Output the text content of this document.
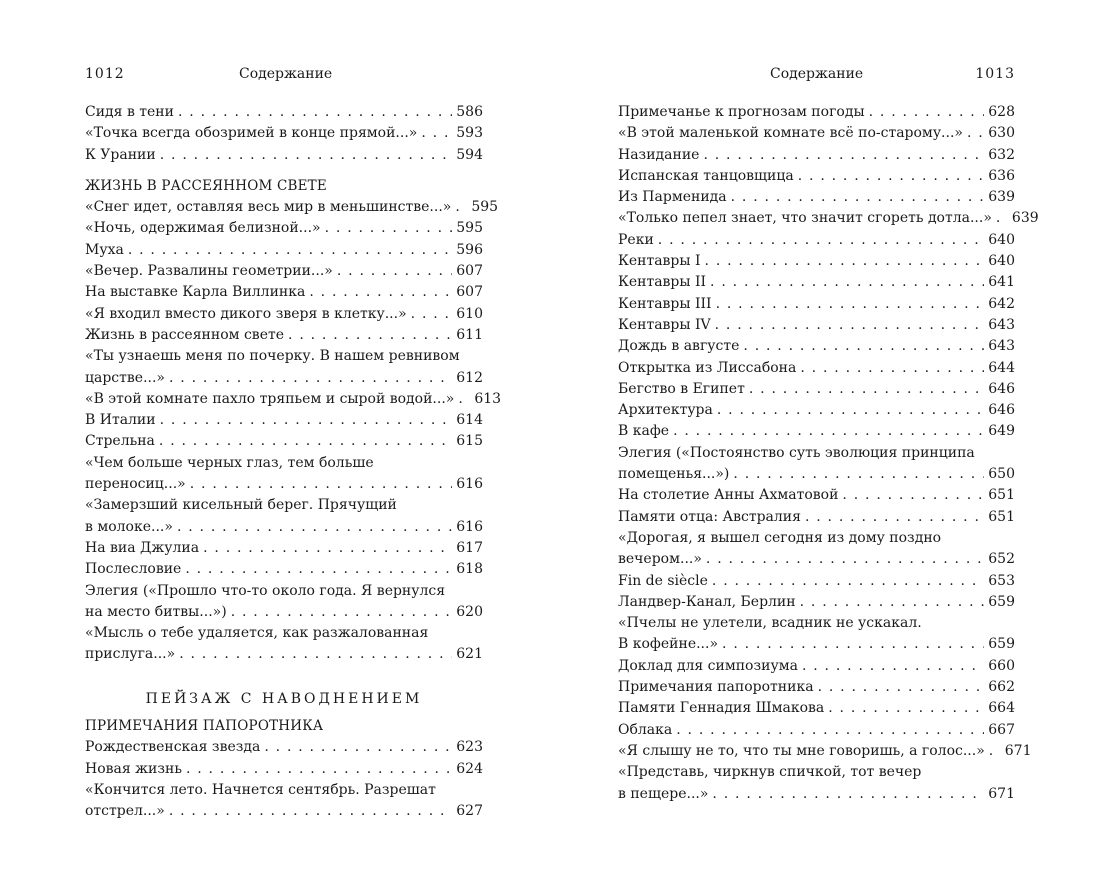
1012	Содержание
Сидя в тени . . .	586
«Точка всегда обозримей в конце прямой...» . . .	593
К Урании . . .	594
ЖИЗНЬ В РАССЕЯННОМ СВЕТЕ
«Снег идет, оставляя весь мир в меньшинстве...» . . . 595
«Ночь, одержимая белизной...» . . .	595
Муха . . .	596
«Вечер. Развалины геометрии...» . . .	607
На выставке Карла Виллинка . . .	607
«Я входил вместо дикого зверя в клетку...» . . .	610
Жизнь в рассеянном свете . . .	611
«Ты узнаешь меня по почерку. В нашем ревнивом
царстве...» . . .	612
«В этой комнате пахло тряпьем и сырой водой...» . . . 613
В Италии . . .	614
Стрельна . . .	615
«Чем больше черных глаз, тем больше
переносиц...» . . .	616
«Замерзший кисельный берег. Прячущий
в молоке...» . . .	616
На виа Джулиа . . .	617
Послесловие . . .	618
Элегия («Прошло что-то около года. Я вернулся
на место битвы...») . . .	620
«Мысль о тебе удаляется, как разжалованная
прислуга...» . . .	621
ПЕЙЗАЖ С НАВОДНЕНИЕМ
ПРИМЕЧАНИЯ ПАПОРОТНИКА
Рождественская звезда . . .	623
Новая жизнь . . .	624
«Кончится лето. Начнется сентябрь. Разрешат
отстрел...» . . .	627
Содержание	1013
Примечанье к прогнозам погоды . . .	628
«В этой маленькой комнате всё по-старому...» . . . 630
Назидание . . .	632
Испанская танцовщица . . .	636
Из Парменида . . .	639
«Только пепел знает, что значит сгореть дотла...» . . . 639
Реки . . .	640
Кентавры I . . .	640
Кентавры II . . .	641
Кентавры III . . .	642
Кентавры IV . . .	643
Дождь в августе . . .	643
Открытка из Лиссабона . . .	644
Бегство в Египет . . .	646
Архитектура . . .	646
В кафе . . .	649
Элегия («Постоянство суть эволюция принципа
помещенья...») . . .	650
На столетие Анны Ахматовой . . .	651
Памяти отца: Австралия . . .	651
«Дорогая, я вышел сегодня из дому поздно
вечером...» . . .	652
Fin de siècle . . .	653
Ландвер-Канал, Берлин . . .	659
«Пчелы не улетели, всадник не ускакал.
В кофейне...» . . .	659
Доклад для симпозиума . . .	660
Примечания папоротника . . .	662
Памяти Геннадия Шмакова . . .	664
Облака . . .	667
«Я слышу не то, что ты мне говоришь, а голос...» . . . 671
«Представь, чиркнув спичкой, тот вечер
в пещере...» . . .	671
